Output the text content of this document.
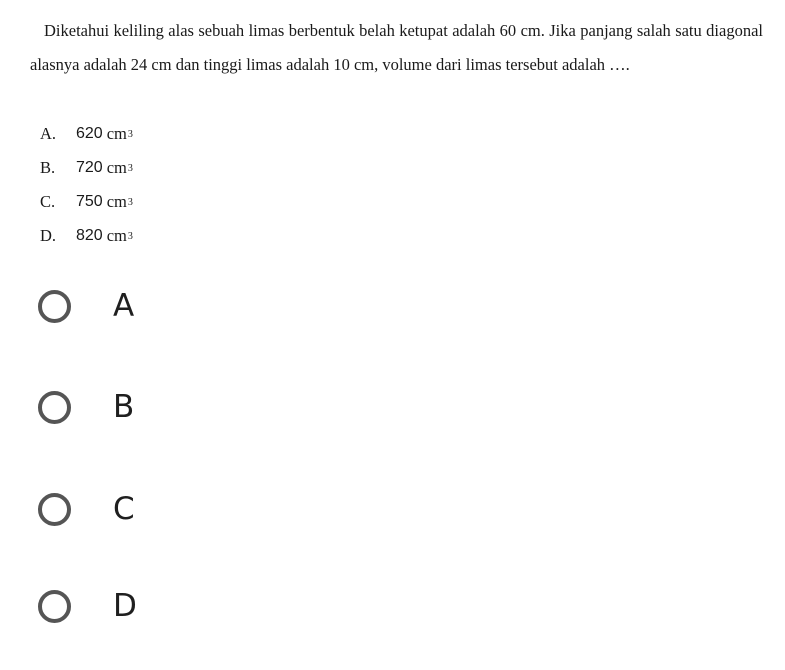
Diketahui keliling alas sebuah limas berbentuk belah ketupat adalah 60 cm. Jika panjang salah satu diagonal alasnya adalah 24 cm dan tinggi limas adalah 10 cm, volume dari limas tersebut adalah ….

A.	620 cm 3
B.	720 cm 3
C.	750 cm 3
D.	820 cm 3
A
B
C
D
